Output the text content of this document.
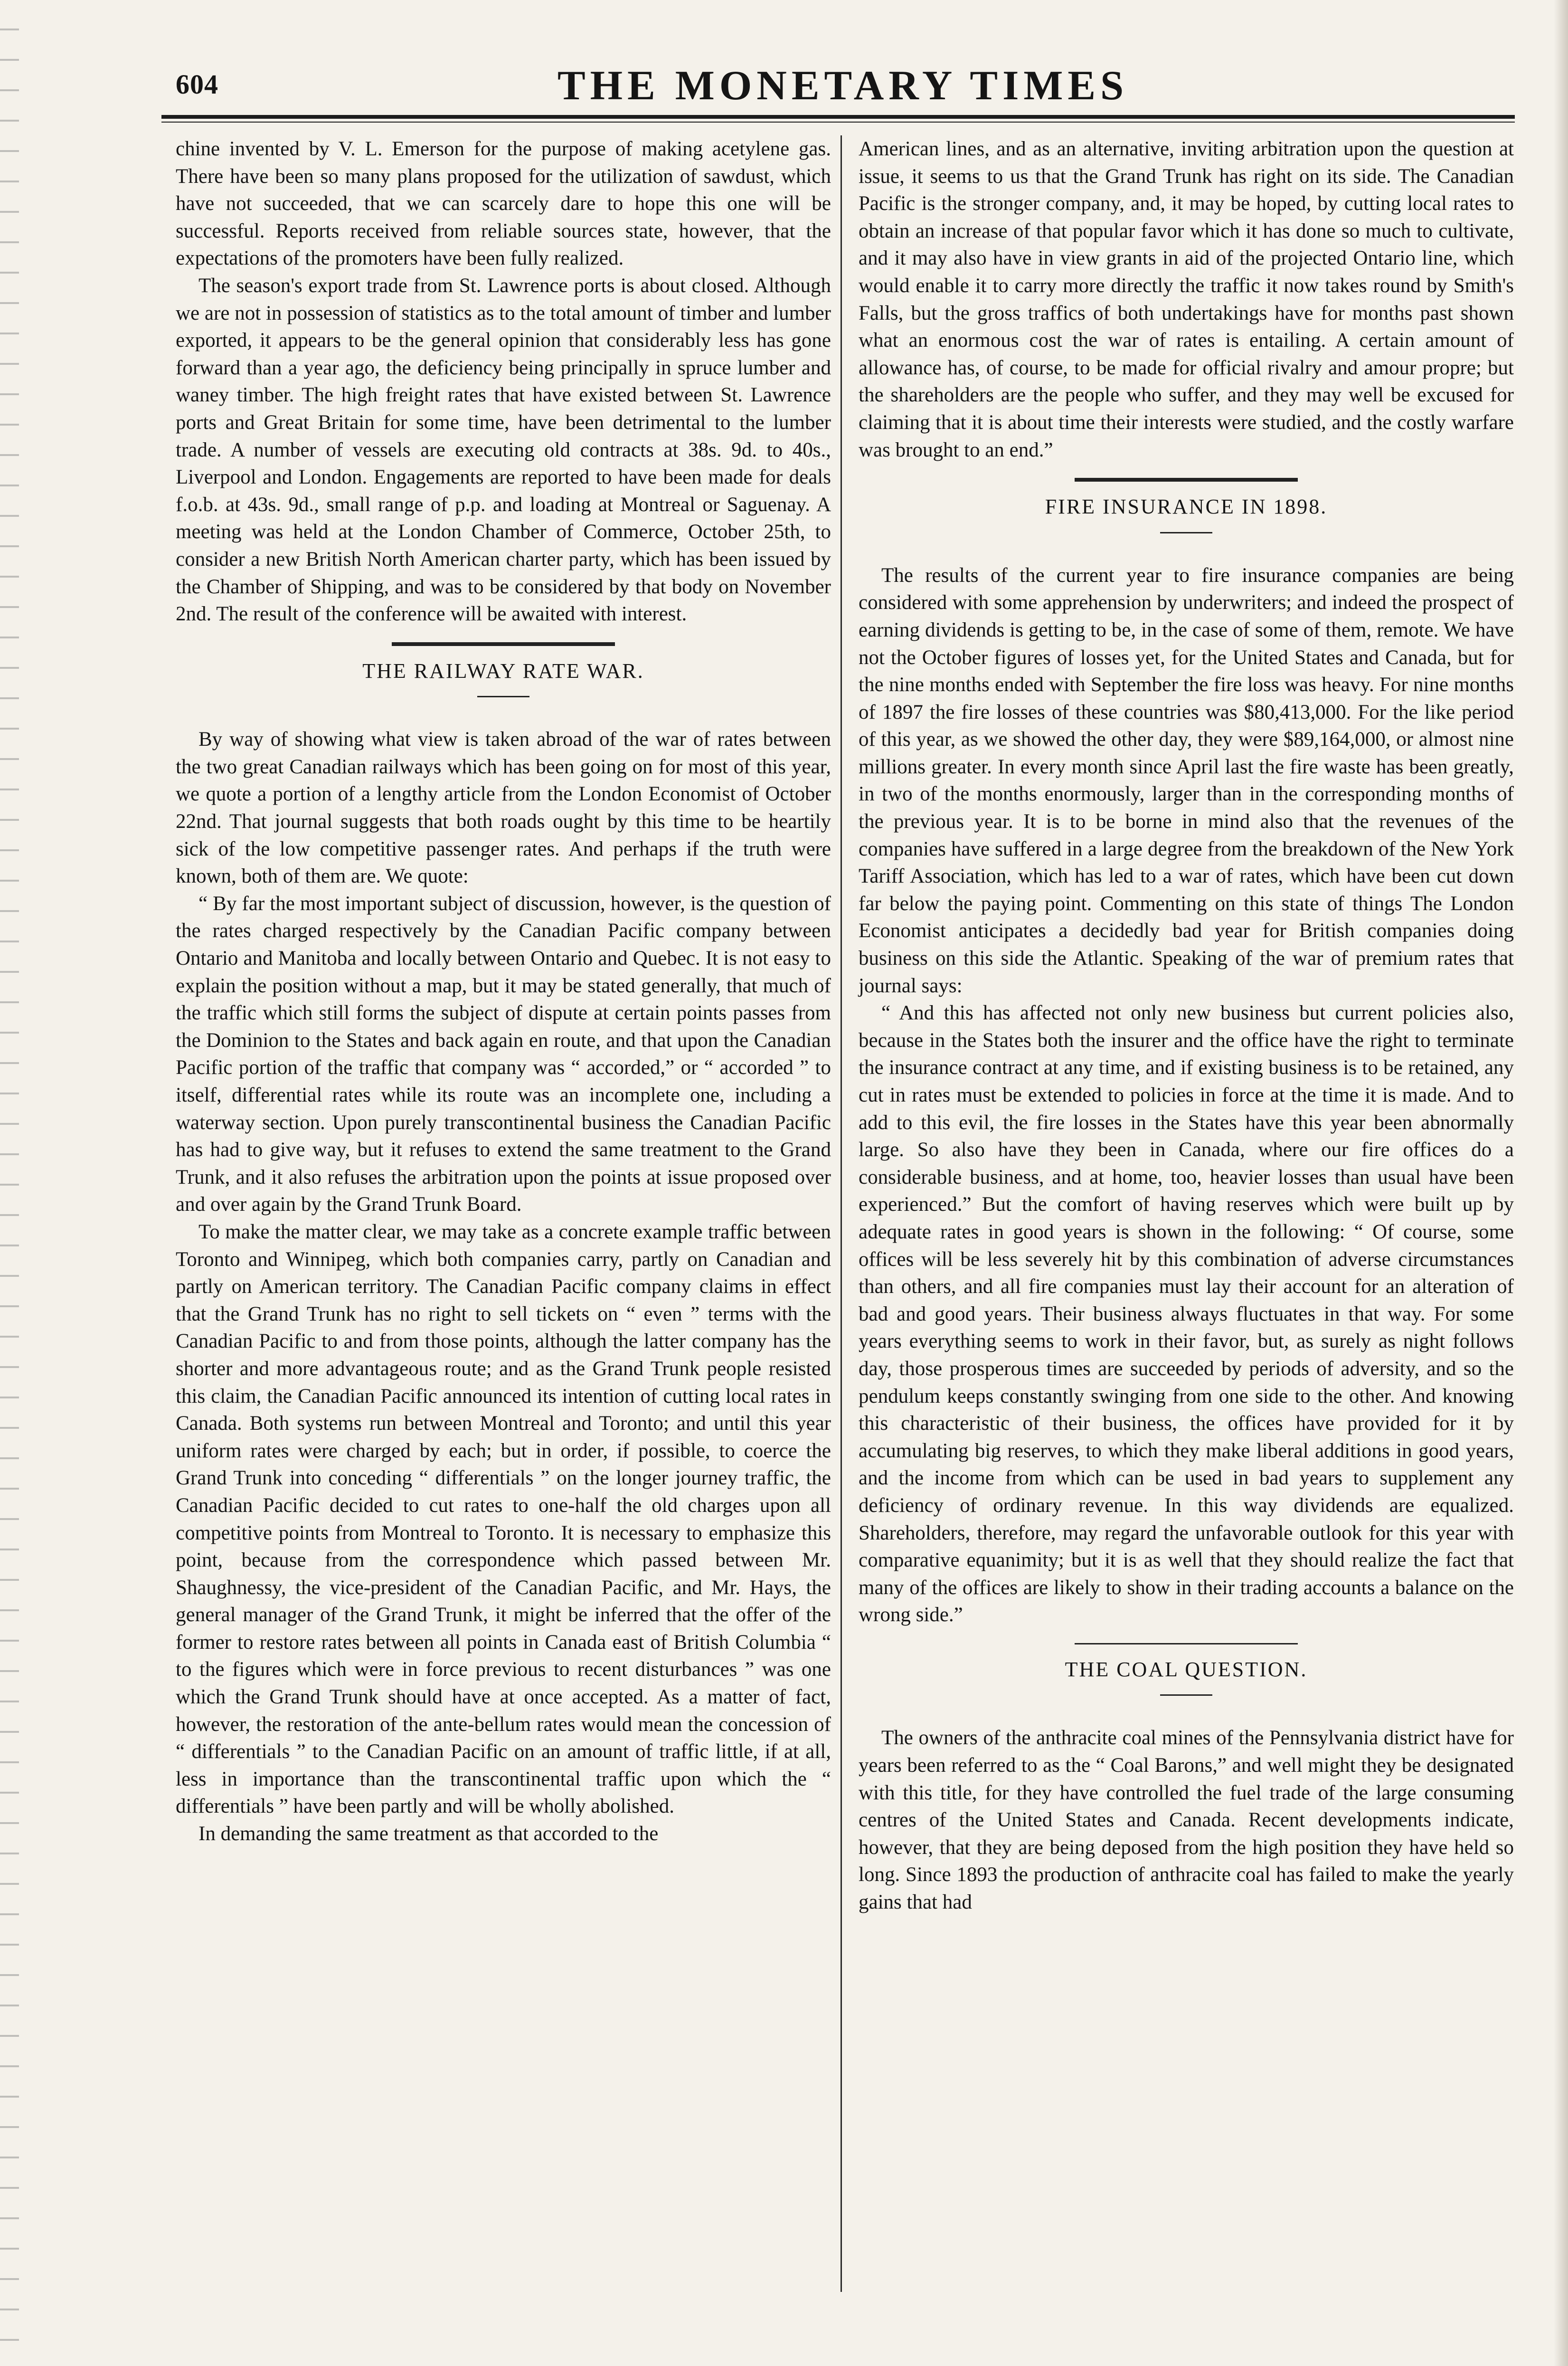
604	THE MONETARY TIMES

chine invented by V. L. Emerson for the purpose of making acetylene gas. There have been so many plans proposed for the utilization of sawdust, which have not succeeded, that we can scarcely dare to hope this one will be successful. Reports received from reliable sources state, however, that the expectations of the promoters have been fully realized.

The season's export trade from St. Lawrence ports is about closed. Although we are not in possession of statistics as to the total amount of timber and lumber exported, it appears to be the general opinion that considerably less has gone forward than a year ago, the deficiency being principally in spruce lumber and waney timber. The high freight rates that have existed between St. Lawrence ports and Great Britain for some time, have been detrimental to the lumber trade. A number of vessels are executing old contracts at 38s. 9d. to 40s., Liverpool and London. Engagements are reported to have been made for deals f.o.b. at 43s. 9d., small range of p.p. and loading at Montreal or Saguenay. A meeting was held at the London Chamber of Commerce, October 25th, to consider a new British North American charter party, which has been issued by the Chamber of Shipping, and was to be considered by that body on November 2nd. The result of the conference will be awaited with interest.

THE RAILWAY RATE WAR.

By way of showing what view is taken abroad of the war of rates between the two great Canadian railways which has been going on for most of this year, we quote a portion of a lengthy article from the London Economist of October 22nd. That journal suggests that both roads ought by this time to be heartily sick of the low competitive passenger rates. And perhaps if the truth were known, both of them are. We quote:

“ By far the most important subject of discussion, however, is the question of the rates charged respectively by the Canadian Pacific company between Ontario and Manitoba and locally between Ontario and Quebec. It is not easy to explain the position without a map, but it may be stated generally, that much of the traffic which still forms the subject of dispute at certain points passes from the Dominion to the States and back again en route, and that upon the Canadian Pacific portion of the traffic that company was “ accorded,” or “ accorded ” to itself, differential rates while its route was an incomplete one, including a waterway section. Upon purely transcontinental business the Canadian Pacific has had to give way, but it refuses to extend the same treatment to the Grand Trunk, and it also refuses the arbitration upon the points at issue proposed over and over again by the Grand Trunk Board.

To make the matter clear, we may take as a concrete example traffic between Toronto and Winnipeg, which both companies carry, partly on Canadian and partly on American territory. The Canadian Pacific company claims in effect that the Grand Trunk has no right to sell tickets on “ even ” terms with the Canadian Pacific to and from those points, although the latter company has the shorter and more advantageous route; and as the Grand Trunk people resisted this claim, the Canadian Pacific announced its intention of cutting local rates in Canada. Both systems run between Montreal and Toronto; and until this year uniform rates were charged by each; but in order, if possible, to coerce the Grand Trunk into conceding “ differentials ” on the longer journey traffic, the Canadian Pacific decided to cut rates to one-half the old charges upon all competitive points from Montreal to Toronto. It is necessary to emphasize this point, because from the correspondence which passed between Mr. Shaughnessy, the vice-president of the Canadian Pacific, and Mr. Hays, the general manager of the Grand Trunk, it might be inferred that the offer of the former to restore rates between all points in Canada east of British Columbia “ to the figures which were in force previous to recent disturbances ” was one which the Grand Trunk should have at once accepted. As a matter of fact, however, the restoration of the ante-bellum rates would mean the concession of “ differentials ” to the Canadian Pacific on an amount of traffic little, if at all, less in importance than the transcontinental traffic upon which the “ differentials ” have been partly and will be wholly abolished.

In demanding the same treatment as that accorded to the

American lines, and as an alternative, inviting arbitration upon the question at issue, it seems to us that the Grand Trunk has right on its side. The Canadian Pacific is the stronger company, and, it may be hoped, by cutting local rates to obtain an increase of that popular favor which it has done so much to cultivate, and it may also have in view grants in aid of the projected Ontario line, which would enable it to carry more directly the traffic it now takes round by Smith's Falls, but the gross traffics of both undertakings have for months past shown what an enormous cost the war of rates is entailing. A certain amount of allowance has, of course, to be made for official rivalry and amour propre; but the shareholders are the people who suffer, and they may well be excused for claiming that it is about time their interests were studied, and the costly warfare was brought to an end.”

FIRE INSURANCE IN 1898.

The results of the current year to fire insurance companies are being considered with some apprehension by underwriters; and indeed the prospect of earning dividends is getting to be, in the case of some of them, remote. We have not the October figures of losses yet, for the United States and Canada, but for the nine months ended with September the fire loss was heavy. For nine months of 1897 the fire losses of these countries was $80,413,000. For the like period of this year, as we showed the other day, they were $89,164,000, or almost nine millions greater. In every month since April last the fire waste has been greatly, in two of the months enormously, larger than in the corresponding months of the previous year. It is to be borne in mind also that the revenues of the companies have suffered in a large degree from the breakdown of the New York Tariff Association, which has led to a war of rates, which have been cut down far below the paying point. Commenting on this state of things The London Economist anticipates a decidedly bad year for British companies doing business on this side the Atlantic. Speaking of the war of premium rates that journal says:

“ And this has affected not only new business but current policies also, because in the States both the insurer and the office have the right to terminate the insurance contract at any time, and if existing business is to be retained, any cut in rates must be extended to policies in force at the time it is made. And to add to this evil, the fire losses in the States have this year been abnormally large. So also have they been in Canada, where our fire offices do a considerable business, and at home, too, heavier losses than usual have been experienced.” But the comfort of having reserves which were built up by adequate rates in good years is shown in the following: “ Of course, some offices will be less severely hit by this combination of adverse circumstances than others, and all fire companies must lay their account for an alteration of bad and good years. Their business always fluctuates in that way. For some years everything seems to work in their favor, but, as surely as night follows day, those prosperous times are succeeded by periods of adversity, and so the pendulum keeps constantly swinging from one side to the other. And knowing this characteristic of their business, the offices have provided for it by accumulating big reserves, to which they make liberal additions in good years, and the income from which can be used in bad years to supplement any deficiency of ordinary revenue. In this way dividends are equalized. Shareholders, therefore, may regard the unfavorable outlook for this year with comparative equanimity; but it is as well that they should realize the fact that many of the offices are likely to show in their trading accounts a balance on the wrong side.”

THE COAL QUESTION.

The owners of the anthracite coal mines of the Pennsylvania district have for years been referred to as the “ Coal Barons,” and well might they be designated with this title, for they have controlled the fuel trade of the large consuming centres of the United States and Canada. Recent developments indicate, however, that they are being deposed from the high position they have held so long. Since 1893 the production of anthracite coal has failed to make the yearly gains that had
